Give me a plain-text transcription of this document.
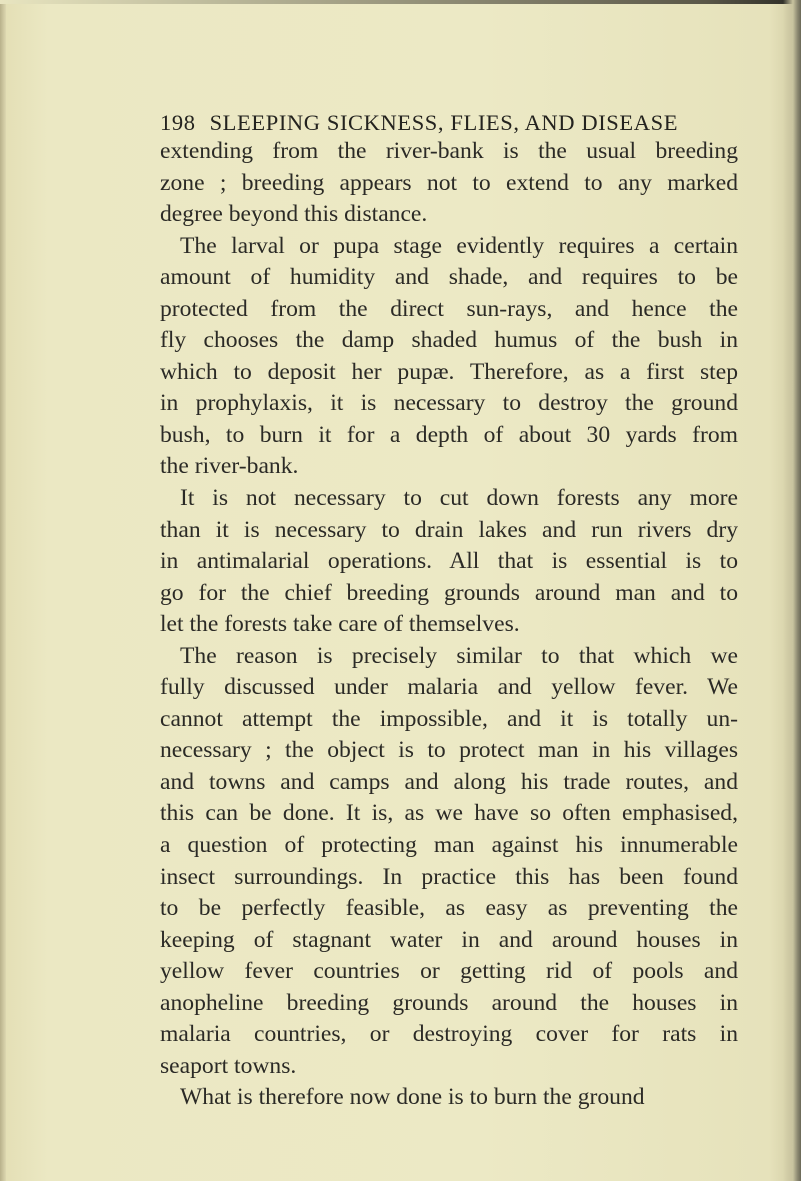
198 SLEEPING SICKNESS, FLIES, AND DISEASE
extending from the river-bank is the usual breeding
zone ; breeding appears not to extend to any marked
degree beyond this distance.
The larval or pupa stage evidently requires a certain
amount of humidity and shade, and requires to be
protected from the direct sun-rays, and hence the
fly chooses the damp shaded humus of the bush in
which to deposit her pupæ. Therefore, as a first step
in prophylaxis, it is necessary to destroy the ground
bush, to burn it for a depth of about 30 yards from
the river-bank.
It is not necessary to cut down forests any more
than it is necessary to drain lakes and run rivers dry
in antimalarial operations. All that is essential is to
go for the chief breeding grounds around man and to
let the forests take care of themselves.
The reason is precisely similar to that which we
fully discussed under malaria and yellow fever. We
cannot attempt the impossible, and it is totally un-
necessary ; the object is to protect man in his villages
and towns and camps and along his trade routes, and
this can be done. It is, as we have so often emphasised,
a question of protecting man against his innumerable
insect surroundings. In practice this has been found
to be perfectly feasible, as easy as preventing the
keeping of stagnant water in and around houses in
yellow fever countries or getting rid of pools and
anopheline breeding grounds around the houses in
malaria countries, or destroying cover for rats in
seaport towns.
What is therefore now done is to burn the ground
